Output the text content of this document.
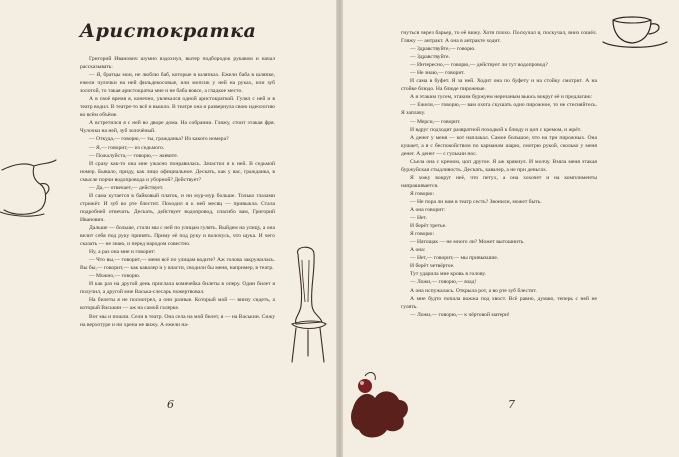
Аристократка

Григорий Иванович шумно вздохнул, вытер подбородок рукавом и начал рассказывать:

— Я, братцы мои, не люблю баб, которые в шляпках. Ежели баба в шляпке, ежели чулочки на ней фильдекосовые, или мопсик у ней на руках, или зуб золотой, то такая аристократка мне и не баба вовсе, а гладкое место.

А в своё время я, конечно, увлекался одной аристократкой. Гулял с ней и в театр водил. В театре-то всё и вышло. В театре она и развернула свою идеологию во всём объёме.

А встретился я с ней во дворе дома. На собрании. Гляжу, стоит этакая фря. Чулочки на ней, зуб золочёный.

— Откуда,— говорю,— ты, гражданка? Из какого номера?

— Я,— говорит,— из седьмого.

— Пожалуйста,— говорю,— живите.

И сразу как-то она мне ужасно понравилась. Зачастил я к ней. В седьмой номер. Бывало, приду, как лицо официальное. Дескать, как у вас, гражданка, в смысле порчи водопровода и уборной? Действует?

— Да,— отвечает,— действует.

И сама кутается в байковый платок, и ни мур-мур больше. Только глазами стрижёт. И зуб во рте блестит. Походил я к ней месяц — привыкла. Стала подробней отвечать. Дескать, действует водопровод, спасибо вам, Григорий Иванович.

Дальше — больше, стали мы с ней по улицам гулять. Выйдем на улицу, а она велит себя под руку принять. Приму её под руку и волочусь, что щука. И чего сказать — не знаю, и перед народом совестно.

Ну, а раз она мне и говорит:

— Что вы,— говорит,— меня всё по улицам водите? Аж голова закружилась. Вы бы,— говорит,— как кавалер и у власти, сводили бы меня, например, в театр.

— Можно,— говорю.

И как раз на другой день прислала комячейка билеты в оперу. Один билет я получил, а другой мне Васька-слесарь пожертвовал.

На билеты я не посмотрел, а они разные. Который мой — внизу сидеть, а который Васькин — аж на самой галерке.

Вот мы и пошли. Сели в театр. Она села на мой билет, я — на Васькин. Сижу на верхотуре и ни хрена не вижу. А ежели на-

6

гнуться через барьер, то её вижу. Хотя плохо. Поскучал я, поскучал, вниз сошёл. Гляжу — антракт. А она в антракте ходит.

— Здравствуйте,— говорю.

— Здравствуйте.

— Интересно,— говорю,— действует ли тут водопровод?

— Не знаю,— говорит.

И сама в буфет. Я за ней. Ходит она по буфету и на стойку смотрит. А на стойке блюдо. На блюде пирожные.

А я этаким гусем, этаким буржуем нерезаным вьюсь вокруг её и предлагаю:

— Ежели,— говорю,— вам охота скушать одно пирожное, то не стесняйтесь. Я заплачу.

— Мерси,— говорит.

И вдруг подходит развратной походкой к блюду и цоп с кремом, и жрёт.

А денег у меня — кот наплакал. Самое большое, что на три пирожных. Она кушает, а я с беспокойством по карманам шарю, смотрю рукой, сколько у меня денег. А денег — с гулькин нос.

Съела она с кремом, цоп другое. Я аж крякнул. И молчу. Взяла меня этакая буржуйская стыдливость. Дескать, кавалер, а не при деньгах.

Я хожу вокруг неё, что петух, а она хохочет и на комплименты напрашивается.

Я говорю:

— Не пора ли нам в театр сесть? Звонили, может быть.

А она говорит:

— Нет.

И берёт третье.

Я говорю:

— Натощак — не много ли? Может вытошнить.

А она:

— Нет,— говорит,— мы привыкшие.

И берёт четвёртое.

Тут ударила мне кровь в голову.

— Ложи,— говорю,— взад!

А она испужалась. Открыла рот, а во рте зуб блестит.

А мне будто попала вожжа под хвост. Всё равно, думаю, теперь с ней не гулять.

— Ложи,— говорю,— к чёртовой матери!

7
